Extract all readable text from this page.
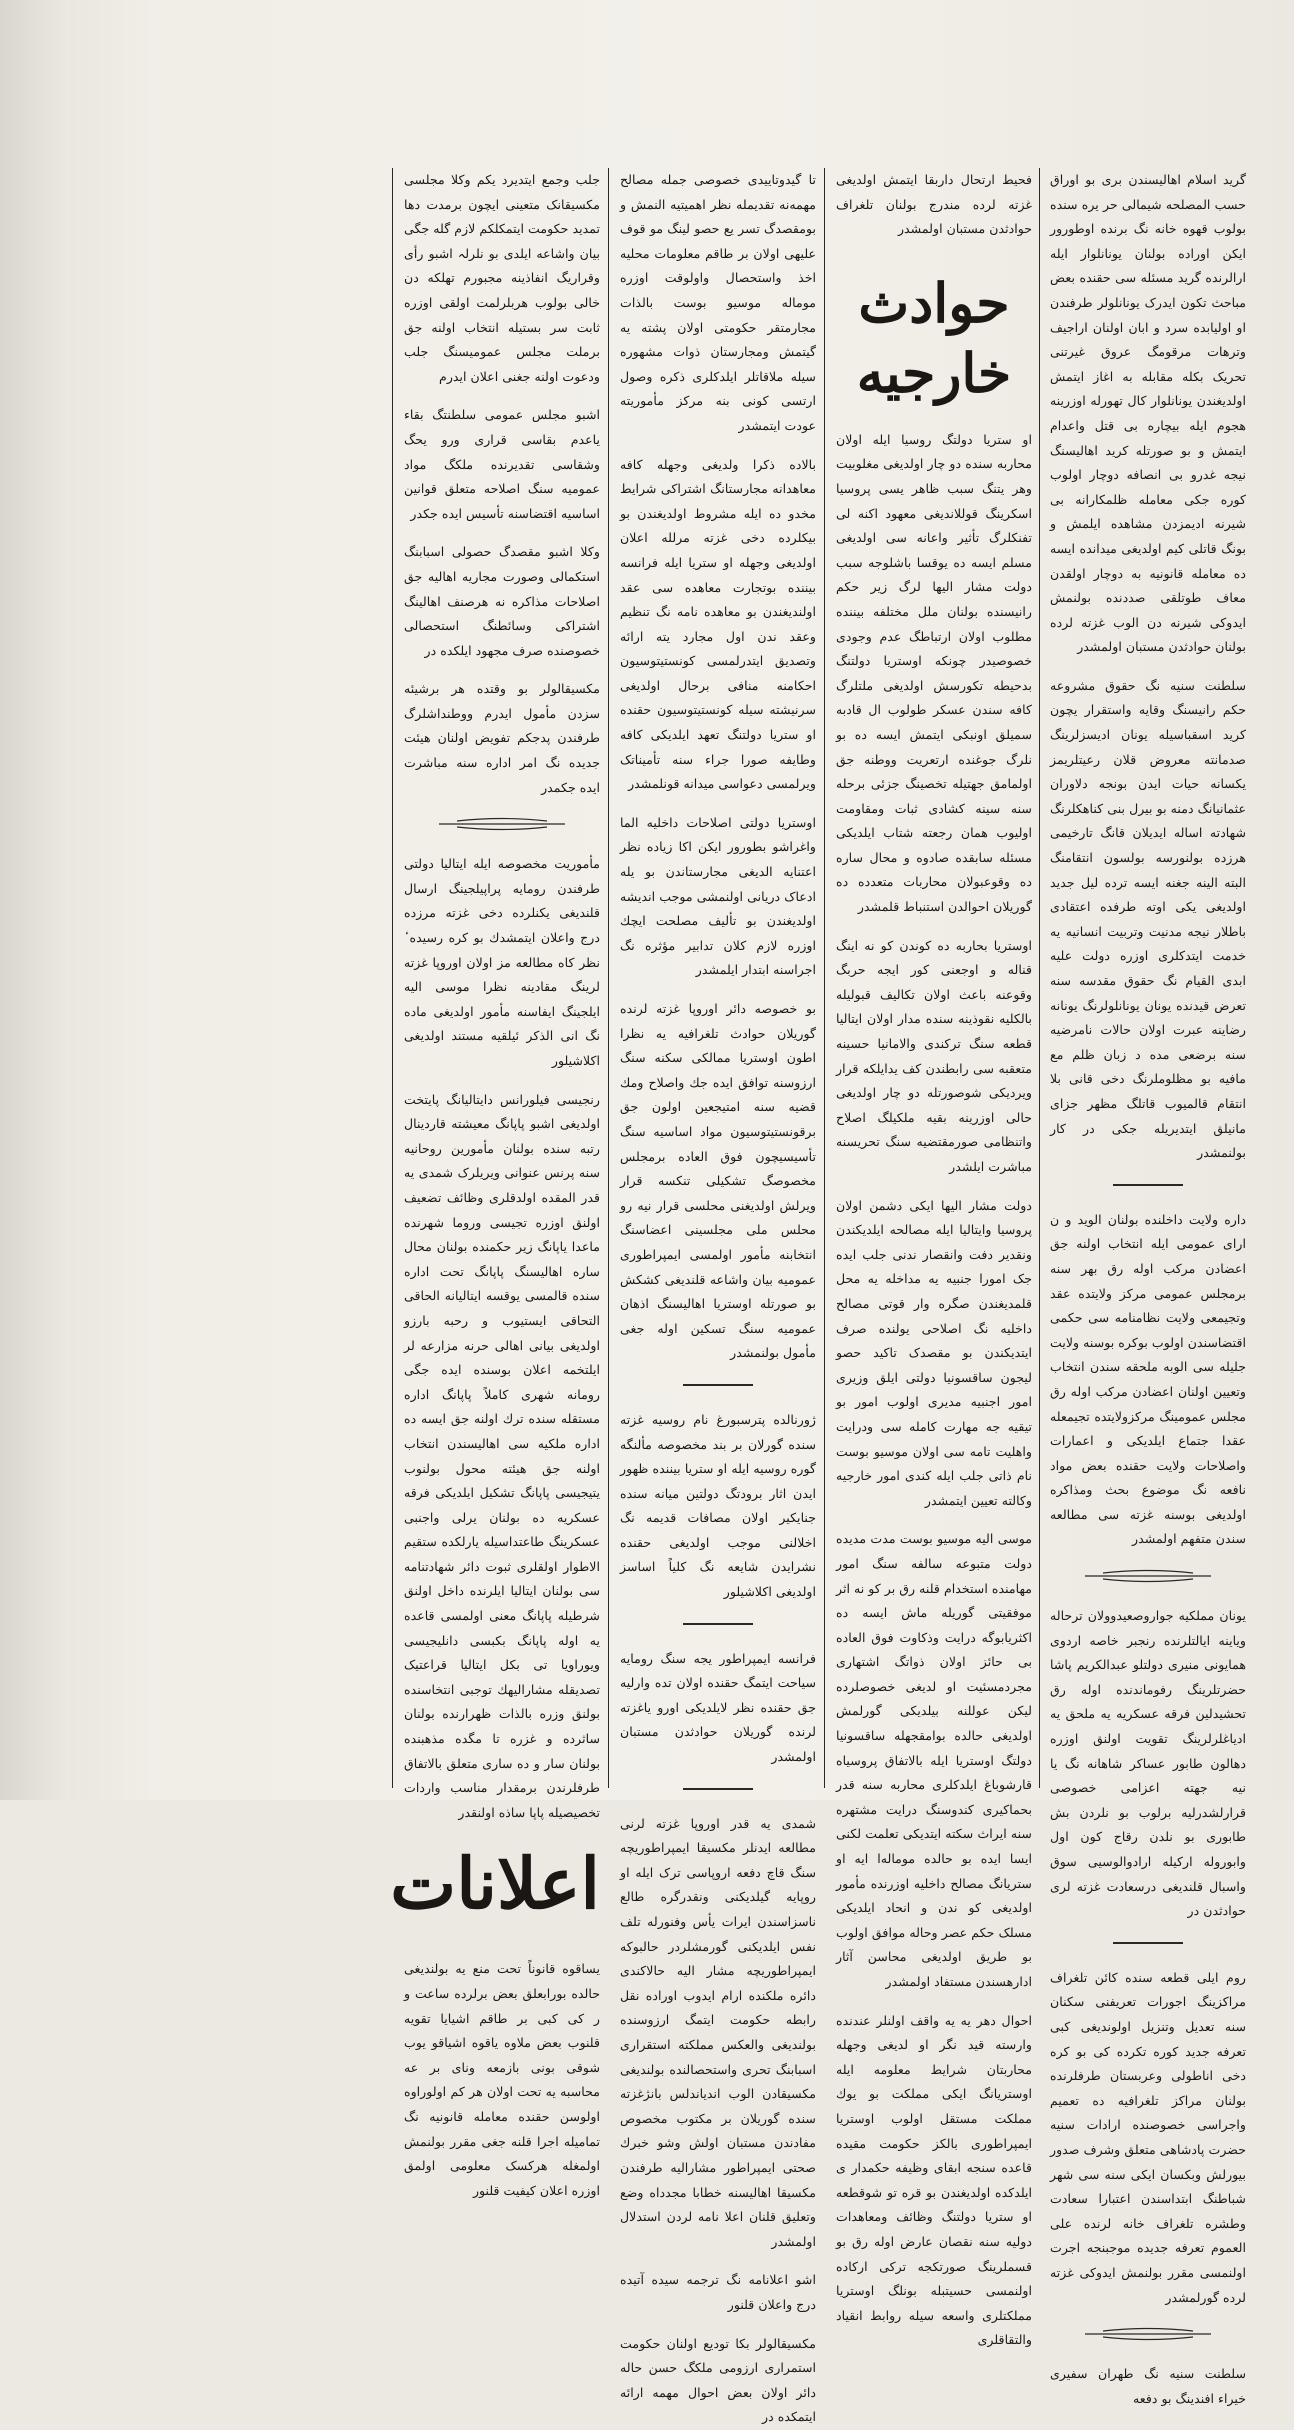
گرید اسلام اهالیسندن بری بو اوراق حسب المصلحه شیمالی حر یره سنده بولوب قهوه خانه نگ برنده اوطورور ایکن اوراده بولنان یونانلوار ایله ارالرنده گرید مسئله سی حقنده بعض مباحث تکون ایدرک یونانلولر طرفندن او اولیابده سرد و ابان اولنان اراجیف وترهات مرقومگ عروق غیرتنی تحریک بکله مقابله به اغاز ایتمش اولدیغندن یونانلوار کال تهورله اوزرینه هجوم ایله بیچاره بی قتل واعدام ایتمش و بو صورتله کرید اهالیسنگ نیجه غدرو بی انصافه دوچار اولوب کوره جکی معامله ظلمکارانه بی شیرنه ادیمزدن مشاهده ایلمش و بونگ قاتلی کیم اولدیغی میدانده ایسه ده معامله قانونیه به دوچار اولقدن معاف طوتلقی صددنده بولنمش ایدوکی شیرنه دن الوب غزته لرده بولنان حوادثدن مستبان اولمشدر

سلطنت سنیه نگ حقوق مشروعه حکم رانیسنگ وقایه واستقرار یچون کرید اسقباسیله یونان ادیسزلرینگ صدمانته معروض قلان رعیتلریمز یکسانه حیات ایدن بونجه دلاوران عثمانیانگ دمنه بو بیرل بنی کناهکلرنگ شهادته اساله ایدیلان قانگ تارخیمی هرزده بولنورسه بولسون انتقامنگ البته الینه جغنه ایسه ترده لیل جدید اولدیغی یکی اوته طرفده اعتقادی باطلار نیجه مدنیت وتربیت انسانیه یه خدمت ایتدکلری اوزره دولت علیه ابدی القیام نگ حقوق مقدسه سنه تعرض قیدنده یونان یونانلولرنگ یونانه رضاینه عبرت اولان حالات نامرضیه سنه برضعی مده د زبان ظلم مع مافیه بو مظلوملرنگ دخی قانی بلا انتقام قالمیوب قاتلگ مظهر جزای مانیلق ایتدیریله جکی در کار بولنمشدر

داره ولایت داخلنده بولنان الوید و ن ارای عمومی ایله انتخاب اولنه جق اعضادن مرکب اوله رق بهر سنه برمجلس عمومی مرکز ولایتده عقد وتجیمعی ولایت نظامنامه سی حکمی اقتضاسندن اولوب بوکره بوسنه ولایت جلیله سی الوبه ملحقه سندن انتخاب وتعیین اولنان اعضادن مرکب اوله رق مجلس عمومینگ مرکزولایتده تجیمعله عقدا جتماع ایلدیکی و اعمارات واصلاحات ولایت حقنده بعض مواد نافعه نگ موضوع بحث ومذاکره اولدیغی بوسنه غزته سی مطالعه سندن متفهم اولمشدر

یونان مملکیه جواروصعیدوولان ترحاله وياینه ایالتلرنده رنجبر خاصه اردوی همایونی منیری دولتلو عبدالکریم پاشا حضرتلرینگ رفوماندنده اوله رق تحشیدلین فرقه عسکریه یه ملحق یه ادیاغلرلرینگ تقویت اولنق اوزره دهالون طابور عساکر شاهانه نگ یا نیه جهته اعزامی خصوصی قرارلشدرلیه برلوب بو نلردن بش طابوری بو نلدن رقاج کون اول وابوروله ارکیله ارادوالوسیی سوق واسبال قلندیغی درسعادت غزته لری حوادثدن در

روم ایلی قطعه سنده کائن تلغراف مراکزینگ اجورات تعریفنی سکنان سنه تعدیل وتنزیل اولوندیغی کبی تعرفه جدید کوره تکرده کی بو کره دخی اناطولی وعربستان طرفلرنده بولنان مراکز تلغرافیه ده تعمیم واجراسی خصوصنده ارادات سنیه حضرت پادشاهی متعلق وشرف صدور بیورلش وبکسان ایکی سنه سی شهر شباطنگ ابتداسندن اعتبارا سعادت وطشره تلغراف خانه لرنده علی العموم تعرفه جدیده موجبنجه اجرت اولنمسی مقرر بولنمش ایدوکی غزته لرده گورلمشدر

سلطنت سنیه نگ طهران سفیری خیراء افندینگ بو دفعه

فحیط ارتحال داربقا ایتمش اولدیغی غزته لرده مندرج بولنان تلغراف حوادثدن مستبان اولمشدر

حوادث خارجیه

او ستریا دولتگ روسیا ایله اولان محاربه سنده دو چار اولدیغی مغلوبیت وهر یتنگ سبب ظاهر یسی پروسیا اسکرینگ قوللاندیغی معهود اکنه لی تفنکلرگ تأثیر واعانه سی اولدیغی مسلم ایسه ده یوقسا باشلوجه سبب دولت مشار الیها لرگ زیر حکم رانیسنده بولنان ملل مختلفه بیننده مطلوب اولان ارتباطگ عدم وجودی خصوصیدر چونکه اوستریا دولتنگ بدحیطه تکورسش اولدیغی ملتلرگ کافه سندن عسکر طولوب ال قادبه سمیلق اونبکی ایتمش ایسه ده بو نلرگ جوغنده ارتعریت ووطنه جق اولمامق جهتیله تخصینگ جزئی برحله سنه سینه کشادی ثبات ومقاومت اولیوب همان رجعته شتاب ایلدیکی مسئله سابقده صادوه و محال ساره ده وقوعبولان محاربات متعدده ده گوریلان احوالدن استنباط قلمشدر

اوستریا بحاربه ده کوندن کو نه اینگ قناله و اوجعنی کور ایجه حربگ وقوعنه باعث اولان تکالیف قبولیله بالکلیه نقوذینه سنده مدار اولان ایتالیا قطعه سنگ ترکندی والامانیا حسینه متعقبه سی رابطندن کف یدایلکه قرار ویردیکی شوصورتله دو چار اولدیغی حالی اوزرینه بقیه ملکیلگ اصلاح واتنظامی صورمقتضیه سنگ تحریسنه مباشرت ایلشدر

دولت مشار الیها ایکی دشمن اولان پروسیا وایتالیا ایله مصالحه ایلدیکندن ونقدیر دفت وانقصار ندنی جلب ایده جک امورا جنبیه یه مداخله یه محل قلمدیغندن صگره وار قوتی مصالح داخلیه نگ اصلاحی یولنده صرف ایتدیکندن بو مقصدک تاکید حصو لیجون ساقسونیا دولتی ایلق وزیری امور اجنبیه مدیری اولوب امور بو تیقیه جه مهارت کامله سی ودرایت واهلیت تامه سی اولان موسیو بوست نام ذاتی جلب ایله کندی امور خارجیه وکالته تعیین ایتمشدر

موسی الیه موسیو بوست مدت مدیده دولت متبوعه سالفه سنگ امور مهامنده استخدام قلنه رق بر کو نه اثر موفقیتی گوریله ماش ایسه ده اکثریابوگه درایت وذکاوت فوق العاده بی حائز اولان ذواتگ اشتهاری مجردمسئیت او لدیغی خصوصلرده لیکن عوللنه بیلدیکی گورلمش اولدیغی حالده بوامقجهله ساقسونیا دولتگ اوستریا ایله بالاتفاق پروسیاه قارشوباغ ایلدکلری محاربه سنه قدر بحماکیری کندوسنگ درایت مشتهره سنه ایراث سکته ایتدیکی تعلمت لکنی ایسا ایده بو حالده موماله‌ا ايه او ستریانگ مصالح داخلیه اوزرنده مأمور اولدیغی کو ندن و انحاد ایلدیکی مسلک حکم عصر وحاله موافق اولوب بو طریق اولدیغی محاسن آثار ادارهسندن مستفاد اولمشدر

احوال دهر یه یه واقف اولنلر عندنده وارسته قید نگر او لدیغی وجهله محاربتان شرایط معلومه ایله اوستریانگ ایکی مملکت بو یوك مملکت مستقل اولوب اوستریا ایمپراطوری بالکز حکومت مقیده قاعده سنجه ابقای وظیفه حکمدار ی ایلدکده اولدیغندن بو قره تو شوقطعه او ستریا دولتنگ وظائف ومعاهدات دولیه سنه نقصان عارض اوله رق بو قسملرینگ صورتکجه ترکی ارکاده اولنمسی حسیتبله بونلگ اوستریا مملکتلری واسعه سیله روابط انقیاد والتقاقلری

تا گیدوتاییدی خصوصی جمله مصالح مهمه‌نه تقدیمله نظر اهمیتیه النمش و بومقصدگ تسر یع حصو لینگ مو قوف علیهی اولان بر طاقم معلومات محلیه اخذ واستحصال واولوقت اوزره موماله موسیو بوست بالذات مجارمتقر حکومتی اولان پشته یه گیتمش ومجارستان ذوات مشهوره سیله ملاقاتلر ایلدکلری ذکره وصول ارتسی کونی بنه مرکز مأموریته عودت ایتمشدر

بالاده ذکرا ولدیغی وجهله کافه معاهدانه مجارستانگ اشتراکی شرایط مخدو ده ایله مشروط اولدیغندن بو بیکلرده دخی غزته مرلله اعلان اولدیغی وجهله او ستریا ایله فرانسه بیننده بوتجارت معاهده سی عقد اولندیغندن بو معاهده نامه نگ تنظیم وعقد ندن اول مجارد یته ارائه وتصدیق ایتدرلمسی کونستیتوسیون احکامنه منافی برحال اولدیغی سرنیشته سیله کونستیتوسیون حقنده او ستریا دولتنگ تعهد ایلدیکی کافه وطایفه صورا جراء سنه تأمیناتک ویرلمسی دعواسی میدانه قونلمشدر

اوستریا دولتی اصلاحات داخلیه الما واغراشو بطورور ایکن اکا زیاده نظر اعتنایه الدیغی مجارستاندن بو یله ادعاک دریانی اولنمشی موجب اندیشه اولدیغندن بو تألیف مصلحت ایچك اوزره لازم کلان تدابیر مؤثره نگ اجراسنه ابتدار ایلمشدر

بو خصوصه دائر اوروپا غزته لرنده گوریلان حوادث تلغرافیه یه نظرا اطون اوستریا ممالکی سکنه سنگ ارزوسنه توافق ایده جك واصلاح ومك قضیه سنه امتیجعین اولون جق برقونستیتوسیون مواد اساسیه سنگ تأسیسیچون فوق العاده برمجلس مخصوصگ تشکیلی تنکسه قرار ویرلش اولدیغنی محلسی قرار نیه رو محلس ملی مجلسینی اعضاسنگ انتخابنه مأمور اولمسی ایمپراطوری عمومیه بیان واشاعه قلندیغی کشکش بو صورتله اوستریا اهالیسنگ اذهان عمومیه سنگ تسکین اوله جغی مأمول بولنمشدر

ژورنالده پترسبورغ نام روسیه غزته سنده گورلان بر بند مخصوصه مألنگه گوره روسیه ایله او ستریا بیننده ظهور ایدن اثار برودتگ دولتین میانه سنده جنایکیر اولان مصافات قدیمه نگ اخلالنی موجب اولدیغی حقنده نشرایدن شایعه نگ کلیاً اساسز اولدیغی اکلاشیلور

فرانسه ایمپراطور یجه سنگ رومایه سیاحت ایتمگ حقنده اولان تده وارلیه جق حقنده نظر لایلدیکی اورو یاغزته لرنده گوریلان حوادثدن مستبان اولمشدر

شمدی یه قدر اوروپا غزته لرنی مطالعه ایدنلر مکسیقا ایمپراطوریچه سنگ قاچ دفعه اروپاسی ترک ایله او روپایه گیلدیکنی ونقدرگره طالع ناسزاسندن ایرات یأس وفنورله تلف نفس ایلدیکنی گورمشلردر حالبوکه ایمپراطوریچه مشار الیه حالاکندی دائره ملکنده ارام ایدوب اوراده نقل رابطه حکومت ایتمگ ارزوسنده بولندیغی والعکس مملکته استقراری اسبابنگ تحری واستحصالنده بولندیغی مکسیقادن الوب اندیاندلس بانژغزته سنده گوریلان بر مکتوب مخصوص مفادندن مستبان اولش وشو خبرك صحتی ایمپراطور مشارالیه طرفندن مکسیقا اهالیسنه خطابا مجدداه وضع وتعلیق قلنان اعلا نامه لردن استدلال اولمشدر

اشو اعلانامه نگ ترجمه سیده آتیده درج واعلان قلنور

مکسیقالولر بکا تودیع اولنان حکومت استمراری ارزومی ملکگ حسن حاله دائر اولان بعض احوال مهمه ارائه ایتمکده در

جلب وجمع ایتدیرد یکم وکلا مجلسی مکسیقانک متعینی ایچون برمدت دها تمدید حکومت ایتمکلکم لازم گله جگی بیان واشاعه ایلدی بو نلرلہ اشبو رأی وقراریگ انفاذینه مجبورم تهلکه دن خالی بولوب هربلرلمت اولقی اوزره ثابت سر بستیله انتخاب اولنه جق برملت مجلس عمومیسنگ جلب ودعوت اولنه جغنی اعلان ایدرم

اشبو مجلس عمومی سلطنتگ بقاء یاعدم بقاسی قراری ورو یحگ وشقاسی تقدیرنده ملکگ مواد عمومیه سنگ اصلاحه متعلق قوانین اساسیه اقتضاسنه تأسیس ایده جکدر

وکلا اشبو مقصدگ حصولی اسبابنگ استکمالی وصورت مجاریه اهالیه جق اصلاحات مذاکره نه هرصنف اهالینگ اشتراکی وسائطنگ استحصالی خصوصنده صرف مجهود ایلکده در

مکسیقالولر بو وقتده هر برشیئه سزدن مأمول ایدرم ووطنداشلرگ طرفندن پدجکم تفویض اولنان هیئت جدیده نگ امر اداره سنه مباشرت ایده جکمدر

مأموریت مخصوصه ایله ایتالیا دولتی طرفندن رومایه پراپیلجینگ ارسال قلندیغی یکنلرده دخی غزته مرزده درج واعلان ایتمشدك بو کره رسیده ٔ نظر کاه مطالعه مز اولان اوروپا غزته لرینگ مقادینه نظرا موسی الیه ایلجینگ ایفاسنه مأمور اولدیغی ماده نگ انی الذکر ئیلقیه مستند اولدیغی اکلاشیلور

رنجیسی فیلورانس دایتالیانگ پایتخت اولدیغی اشبو پاپانگ معیشته قاردینال رتبه سنده بولنان مأمورین روحانیه سنه پرنس عنوانی ویریلرک شمدی یه قدر المقده اولدقلری وظائف تضعیف اولنق اوزره تجیسی وروما شهرنده ماعدا یاپانگ زیر حکمنده بولنان محال ساره اهالیسنگ پاپانگ تحت اداره سنده قالمسی یوقسه ایتالیانه الحاقی التحاقی ایستیوب و رحبه بارزو اولدیغی بیانی اهالی حرنه مزارعه لر ایلتخمه اعلان بوسنده ایده جگی رومانه شهری کاملاً پاپانگ اداره مستقله سنده ترك اولنه جق ایسه ده اداره ملکیه سی اهالیسندن انتخاب اولنه جق هیئته محول بولنوب يتیجیسی پاپانگ تشکیل ایلدیکی فرقه عسکریه ده بولنان یرلی واجنبی عسکرینگ طاعتداسیله یارلکده ستقیم الاطوار اولقلری ثبوت دائر شهادتنامه سی بولنان ایتالیا ایلرنده داخل اولنق شرطیله پاپانگ معنی اولمسی قاعده یه اوله پاپانگ بکبسی دانلیجیسی ویوراویا تی بکل ایتالیا قراعتیک تصدیقله مشارالیهك توجبی انتخاسنده بولنق وزره بالذات ظهرارنده بولنان ساثرده و غزره تا مگده مذهبنده بولنان سار و ده ساری متعلق بالاتفاق طرفلرندن برمقدار مناسب واردات تخصیصیله پاپا ساذه اولنقدر

اعلانات

یساقوه قانوناً تحت منع یه بولندیغی حالده بورابعلق بعض برلرده ساعت و ر کی کبی بر طاقم اشیایا تقویه قلنوب بعض ملاوه یاقوه اشیاقو یوب شوقی بونی بازمعه ونای بر عه محاسبه یه تحت اولان هر کم اولوراوه اولوسن حقنده معامله قانونیه نگ تمامیله اجرا قلنه جغی مقرر بولنمش اولمغله هرکسک معلومی اولمق اوزره اعلان کیفیت قلنور
